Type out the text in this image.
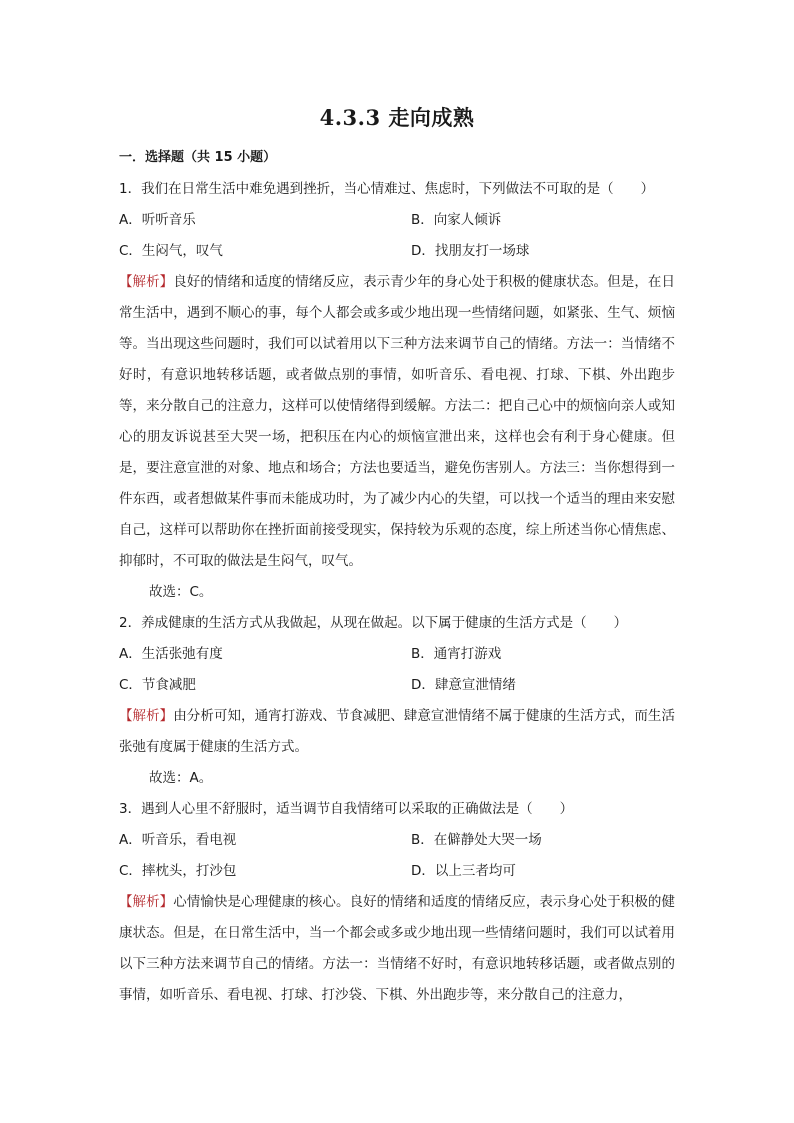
4.3.3 走向成熟
一．选择题（共 15 小题）
1．我们在日常生活中难免遇到挫折，当心情难过、焦虑时，下列做法不可取的是（　　）
A．听听音乐	B．向家人倾诉
C．生闷气，叹气	D．找朋友打一场球
【解析】良好的情绪和适度的情绪反应，表示青少年的身心处于积极的健康状态。但是，在日常生活中，遇到不顺心的事，每个人都会或多或少地出现一些情绪问题，如紧张、生气、烦恼等。当出现这些问题时，我们可以试着用以下三种方法来调节自己的情绪。方法一：当情绪不好时，有意识地转移话题，或者做点别的事情，如听音乐、看电视、打球、下棋、外出跑步等，来分散自己的注意力，这样可以使情绪得到缓解。方法二：把自己心中的烦恼向亲人或知心的朋友诉说甚至大哭一场，把积压在内心的烦恼宣泄出来，这样也会有利于身心健康。但是，要注意宣泄的对象、地点和场合；方法也要适当，避免伤害别人。方法三：当你想得到一件东西，或者想做某件事而未能成功时，为了减少内心的失望，可以找一个适当的理由来安慰自己，这样可以帮助你在挫折面前接受现实，保持较为乐观的态度，综上所述当你心情焦虑、抑郁时，不可取的做法是生闷气，叹气。
故选：C。
2．养成健康的生活方式从我做起，从现在做起。以下属于健康的生活方式是（　　）
A．生活张弛有度	B．通宵打游戏
C．节食减肥	D．肆意宣泄情绪
【解析】由分析可知，通宵打游戏、节食减肥、肆意宣泄情绪不属于健康的生活方式，而生活张弛有度属于健康的生活方式。
故选：A。
3．遇到人心里不舒服时，适当调节自我情绪可以采取的正确做法是（　　）
A．听音乐，看电视	B．在僻静处大哭一场
C．摔枕头，打沙包	D．以上三者均可
【解析】心情愉快是心理健康的核心。良好的情绪和适度的情绪反应，表示身心处于积极的健康状态。但是，在日常生活中，当一个都会或多或少地出现一些情绪问题时，我们可以试着用以下三种方法来调节自己的情绪。方法一：当情绪不好时，有意识地转移话题，或者做点别的事情，如听音乐、看电视、打球、打沙袋、下棋、外出跑步等，来分散自己的注意力，
